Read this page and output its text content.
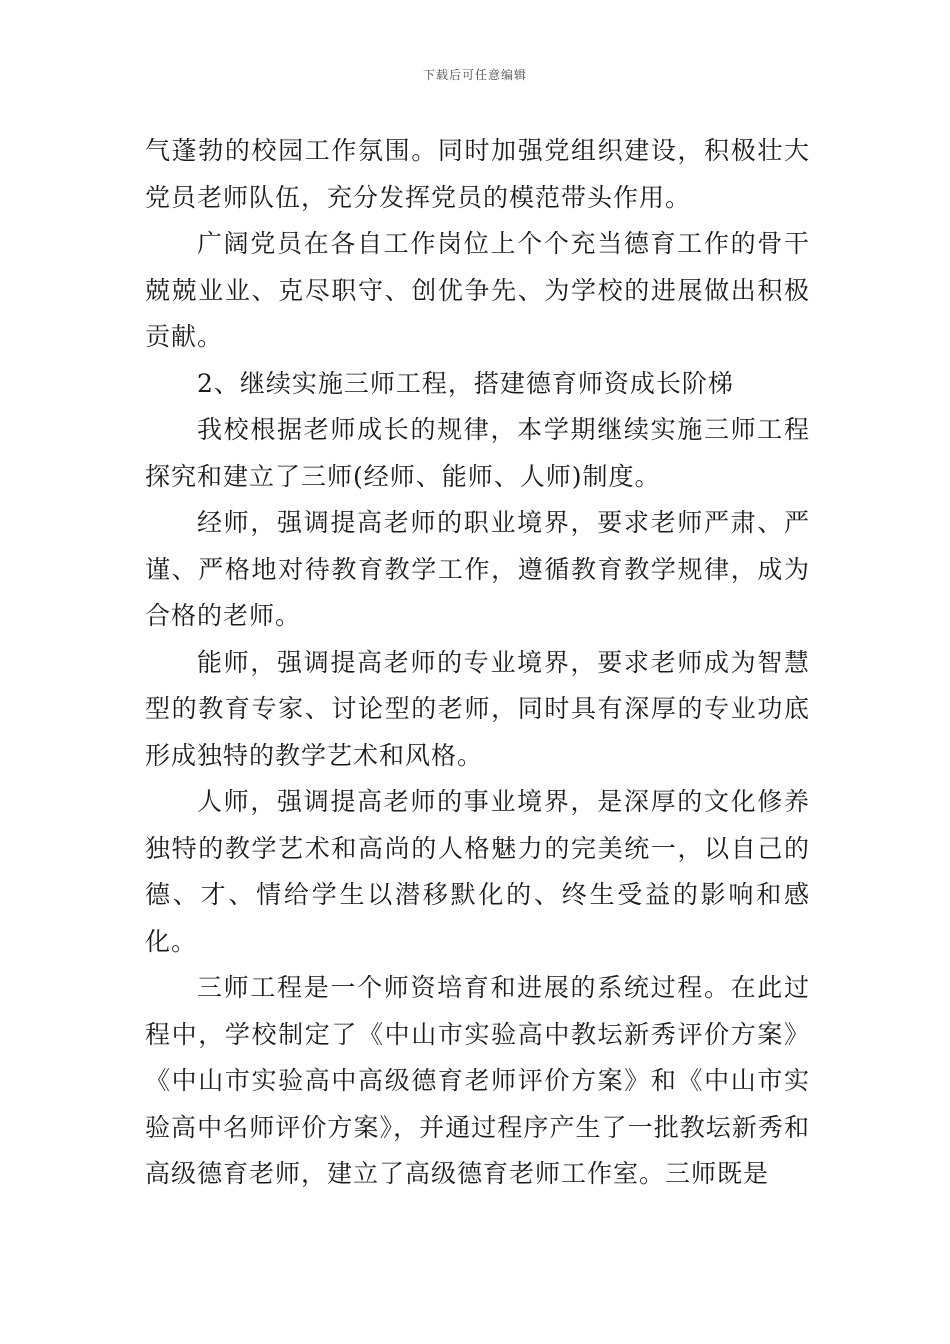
下载后可任意编辑

气蓬勃的校园工作氛围。同时加强党组织建设，积极壮大党员老师队伍，充分发挥党员的模范带头作用。

广阔党员在各自工作岗位上个个充当德育工作的骨干兢兢业业、克尽职守、创优争先、为学校的进展做出积极贡献。

2、继续实施三师工程，搭建德育师资成长阶梯

我校根据老师成长的规律，本学期继续实施三师工程探究和建立了三师(经师、能师、人师)制度。

经师，强调提高老师的职业境界，要求老师严肃、严谨、严格地对待教育教学工作，遵循教育教学规律，成为合格的老师。

能师，强调提高老师的专业境界，要求老师成为智慧型的教育专家、讨论型的老师，同时具有深厚的专业功底形成独特的教学艺术和风格。

人师，强调提高老师的事业境界，是深厚的文化修养独特的教学艺术和高尚的人格魅力的完美统一，以自己的德、才、情给学生以潜移默化的、终生受益的影响和感化。

三师工程是一个师资培育和进展的系统过程。在此过程中，学校制定了《中山市实验高中教坛新秀评价方案》《中山市实验高中高级德育老师评价方案》和《中山市实验高中名师评价方案》，并通过程序产生了一批教坛新秀和高级德育老师，建立了高级德育老师工作室。三师既是
